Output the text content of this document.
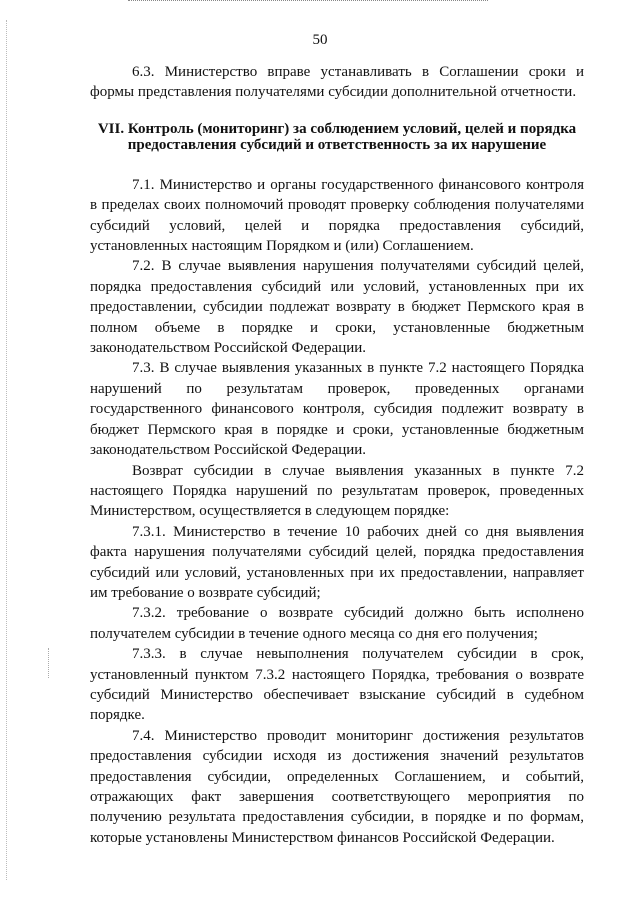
50

6.3. Министерство вправе устанавливать в Соглашении сроки и формы представления получателями субсидии дополнительной отчетности.

VII. Контроль (мониторинг) за соблюдением условий, целей и порядка
предоставления субсидий и ответственность за их нарушение

7.1. Министерство и органы государственного финансового контроля в пределах своих полномочий проводят проверку соблюдения получателями субсидий условий, целей и порядка предоставления субсидий, установленных настоящим Порядком и (или) Соглашением.

7.2. В случае выявления нарушения получателями субсидий целей, порядка предоставления субсидий или условий, установленных при их предоставлении, субсидии подлежат возврату в бюджет Пермского края в полном объеме в порядке и сроки, установленные бюджетным законодательством Российской Федерации.

7.3. В случае выявления указанных в пункте 7.2 настоящего Порядка нарушений по результатам проверок, проведенных органами государственного финансового контроля, субсидия подлежит возврату в бюджет Пермского края в порядке и сроки, установленные бюджетным законодательством Российской Федерации.

Возврат субсидии в случае выявления указанных в пункте 7.2 настоящего Порядка нарушений по результатам проверок, проведенных Министерством, осуществляется в следующем порядке:

7.3.1. Министерство в течение 10 рабочих дней со дня выявления факта нарушения получателями субсидий целей, порядка предоставления субсидий или условий, установленных при их предоставлении, направляет им требование о возврате субсидий;

7.3.2. требование о возврате субсидий должно быть исполнено получателем субсидии в течение одного месяца со дня его получения;

7.3.3. в случае невыполнения получателем субсидии в срок, установленный пунктом 7.3.2 настоящего Порядка, требования о возврате субсидий Министерство обеспечивает взыскание субсидий в судебном порядке.

7.4. Министерство проводит мониторинг достижения результатов предоставления субсидии исходя из достижения значений результатов предоставления субсидии, определенных Соглашением, и событий, отражающих факт завершения соответствующего мероприятия по получению результата предоставления субсидии, в порядке и по формам, которые установлены Министерством финансов Российской Федерации.
